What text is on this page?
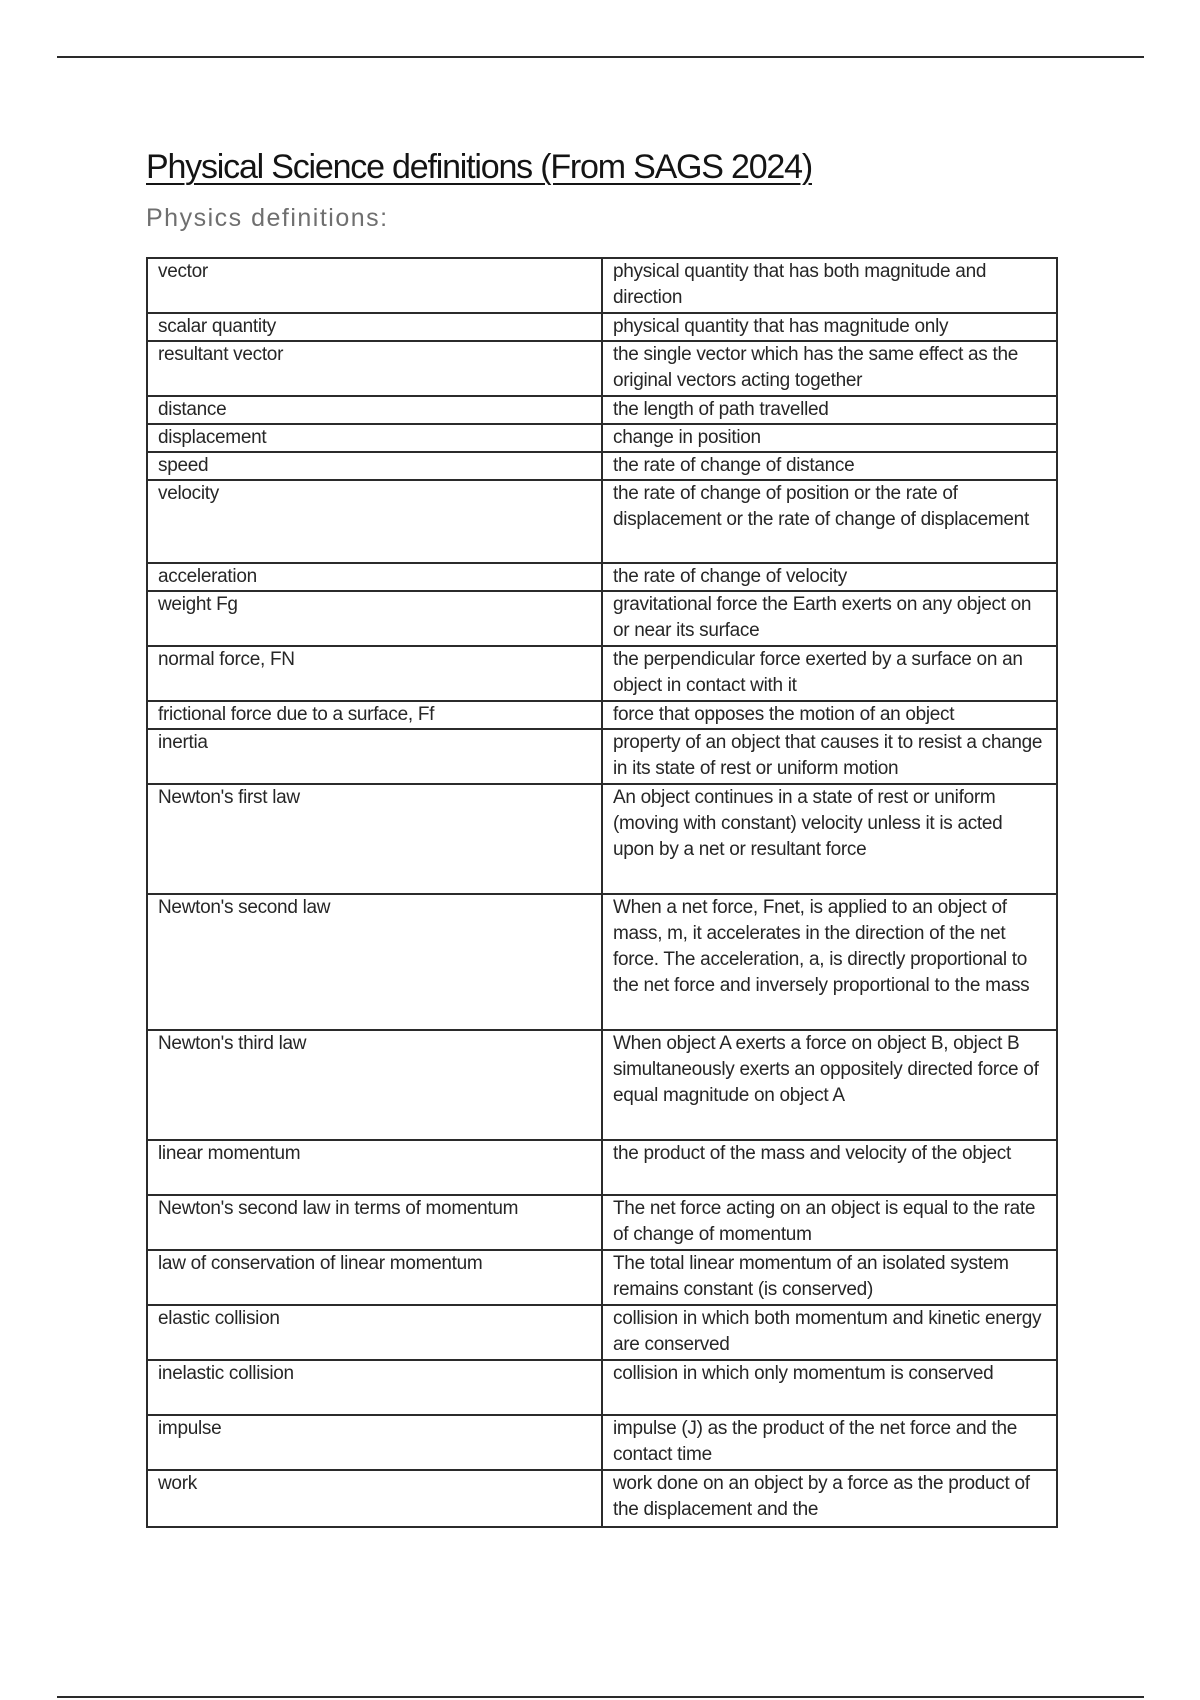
Physical Science definitions (From SAGS 2024)
Physics definitions:
vector	physical quantity that has both magnitude and direction
scalar quantity	physical quantity that has magnitude only
resultant vector	the single vector which has the same effect as the original vectors acting together
distance	the length of path travelled
displacement	change in position
speed	the rate of change of distance
velocity	the rate of change of position or the rate of displacement or the rate of change of displacement
acceleration	the rate of change of velocity
weight Fg	gravitational force the Earth exerts on any object on or near its surface
normal force, FN	the perpendicular force exerted by a surface on an object in contact with it
frictional force due to a surface, Ff	force that opposes the motion of an object
inertia	property of an object that causes it to resist a change in its state of rest or uniform motion
Newton's first law	An object continues in a state of rest or uniform (moving with constant) velocity unless it is acted upon by a net or resultant force
Newton's second law	When a net force, Fnet, is applied to an object of mass, m, it accelerates in the direction of the net force. The acceleration, a, is directly proportional to the net force and inversely proportional to the mass
Newton's third law	When object A exerts a force on object B, object B simultaneously exerts an oppositely directed force of equal magnitude on object A
linear momentum	the product of the mass and velocity of the object
Newton's second law in terms of momentum	The net force acting on an object is equal to the rate of change of momentum
law of conservation of linear momentum	The total linear momentum of an isolated system remains constant (is conserved)
elastic collision	collision in which both momentum and kinetic energy are conserved
inelastic collision	collision in which only momentum is conserved
impulse	impulse (J) as the product of the net force and the contact time
work	work done on an object by a force as the product of the displacement and the
